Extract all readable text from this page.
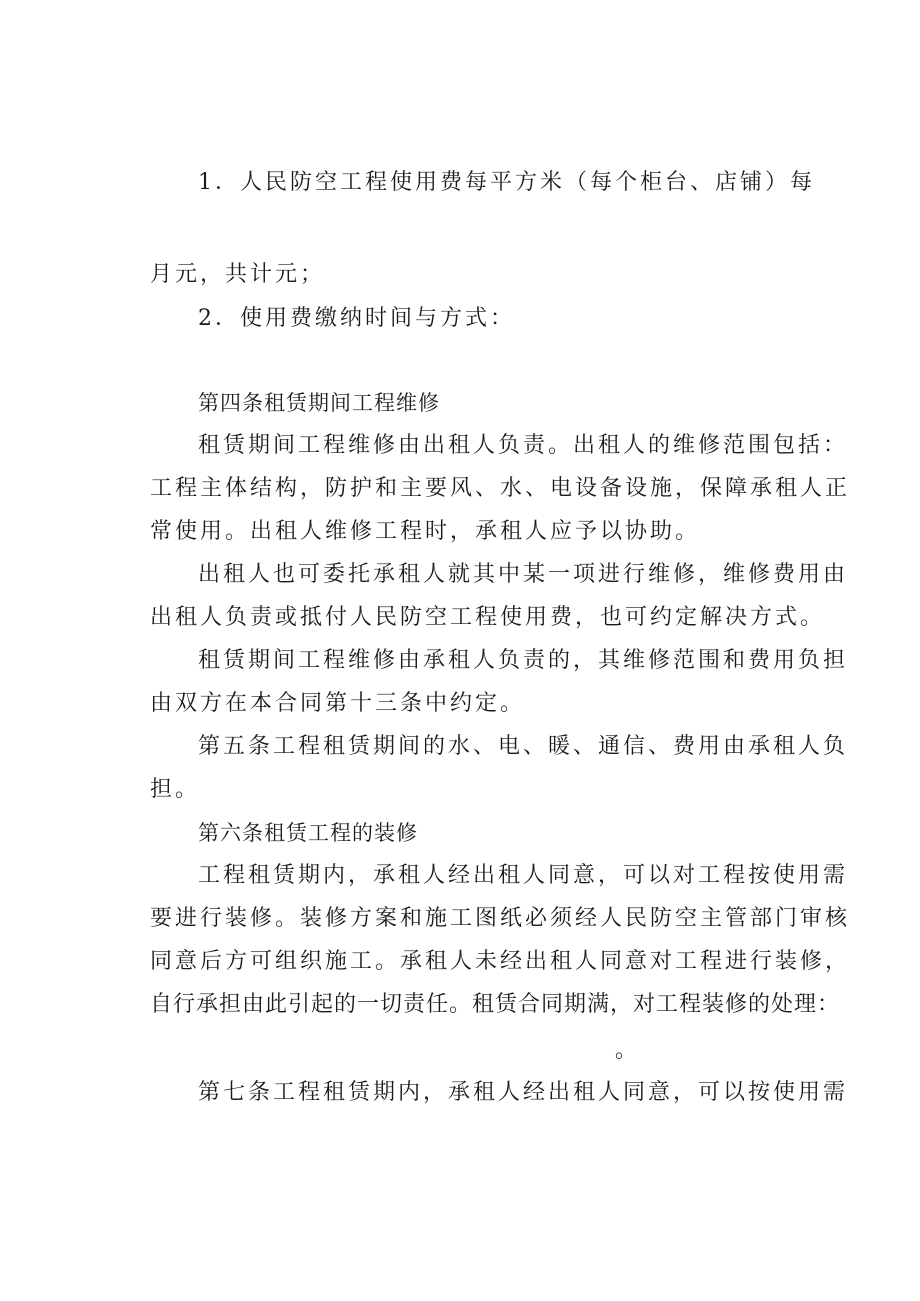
1．人民防空工程使用费每平方米（每个柜台、店铺）每
月元，共计元；
2．使用费缴纳时间与方式：
第四条租赁期间工程维修
租赁期间工程维修由出租人负责。出租人的维修范围包括：
工程主体结构，防护和主要风、水、电设备设施，保障承租人正
常使用。出租人维修工程时，承租人应予以协助。
出租人也可委托承租人就其中某一项进行维修，维修费用由
出租人负责或抵付人民防空工程使用费，也可约定解决方式。
租赁期间工程维修由承租人负责的，其维修范围和费用负担
由双方在本合同第十三条中约定。
第五条工程租赁期间的水、电、暖、通信、费用由承租人负
担。
第六条租赁工程的装修
工程租赁期内，承租人经出租人同意，可以对工程按使用需
要进行装修。装修方案和施工图纸必须经人民防空主管部门审核
同意后方可组织施工。承租人未经出租人同意对工程进行装修，
自行承担由此引起的一切责任。租赁合同期满，对工程装修的处理：
。
第七条工程租赁期内，承租人经出租人同意，可以按使用需
